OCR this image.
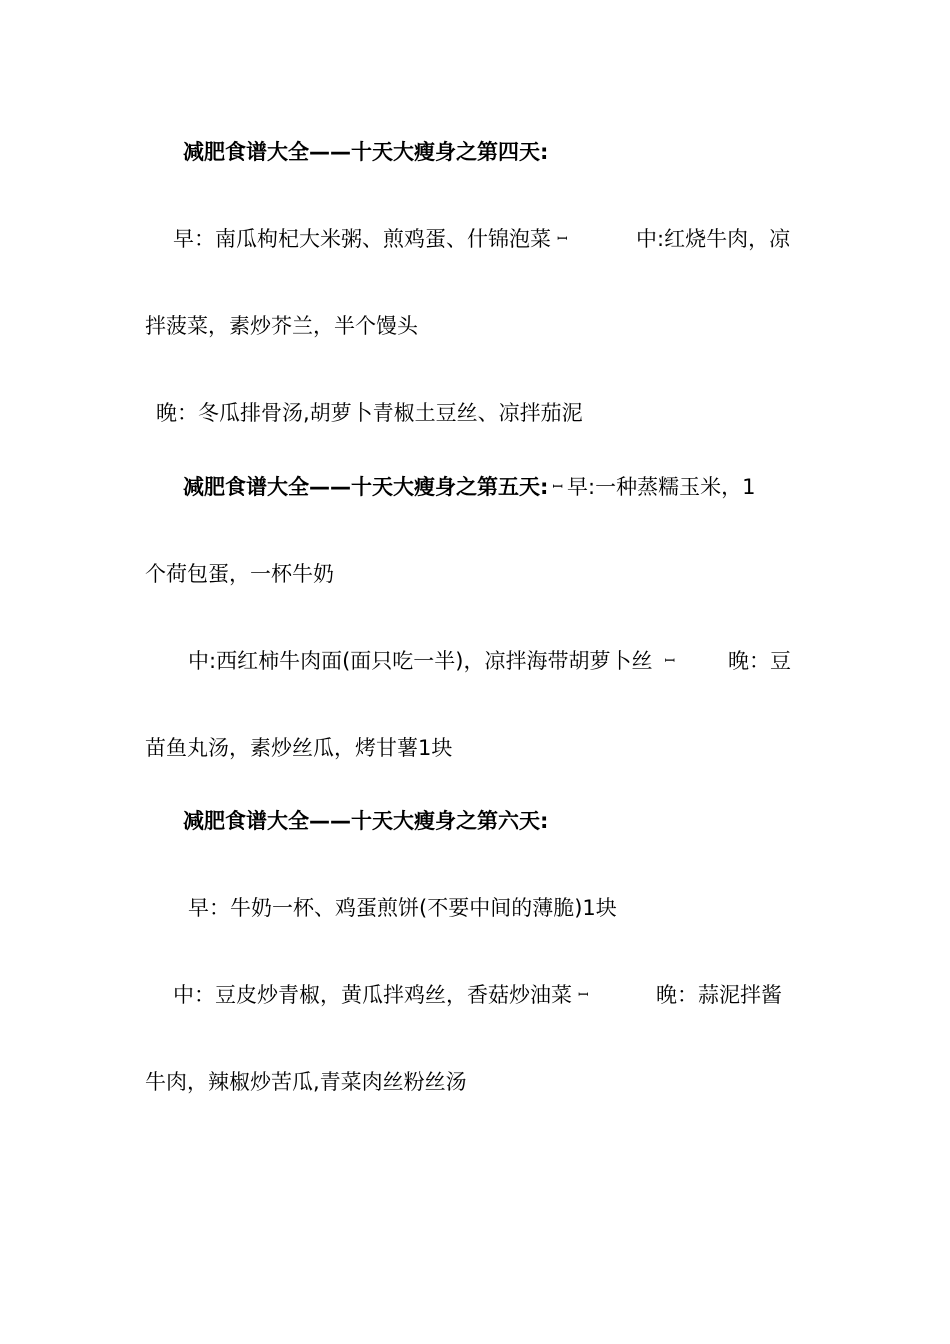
减肥食谱大全——十天大瘦身之第四天:
早：南瓜枸杞大米粥、煎鸡蛋、什锦泡菜 ꟷ	中:红烧牛肉，凉
拌菠菜，素炒芥兰，半个馒头
晚：冬瓜排骨汤,胡萝卜青椒土豆丝、凉拌茄泥
减肥食谱大全——十天大瘦身之第五天: ꟷ 早:一种蒸糯玉米，1
个荷包蛋，一杯牛奶
中:西红柿牛肉面(面只吃一半)，凉拌海带胡萝卜丝 ꟷ	晚：豆
苗鱼丸汤，素炒丝瓜，烤甘薯1块
减肥食谱大全——十天大瘦身之第六天:
早：牛奶一杯、鸡蛋煎饼(不要中间的薄脆)1块
中：豆皮炒青椒，黄瓜拌鸡丝，香菇炒油菜 ꟷ	晚：蒜泥拌酱
牛肉，辣椒炒苦瓜,青菜肉丝粉丝汤
